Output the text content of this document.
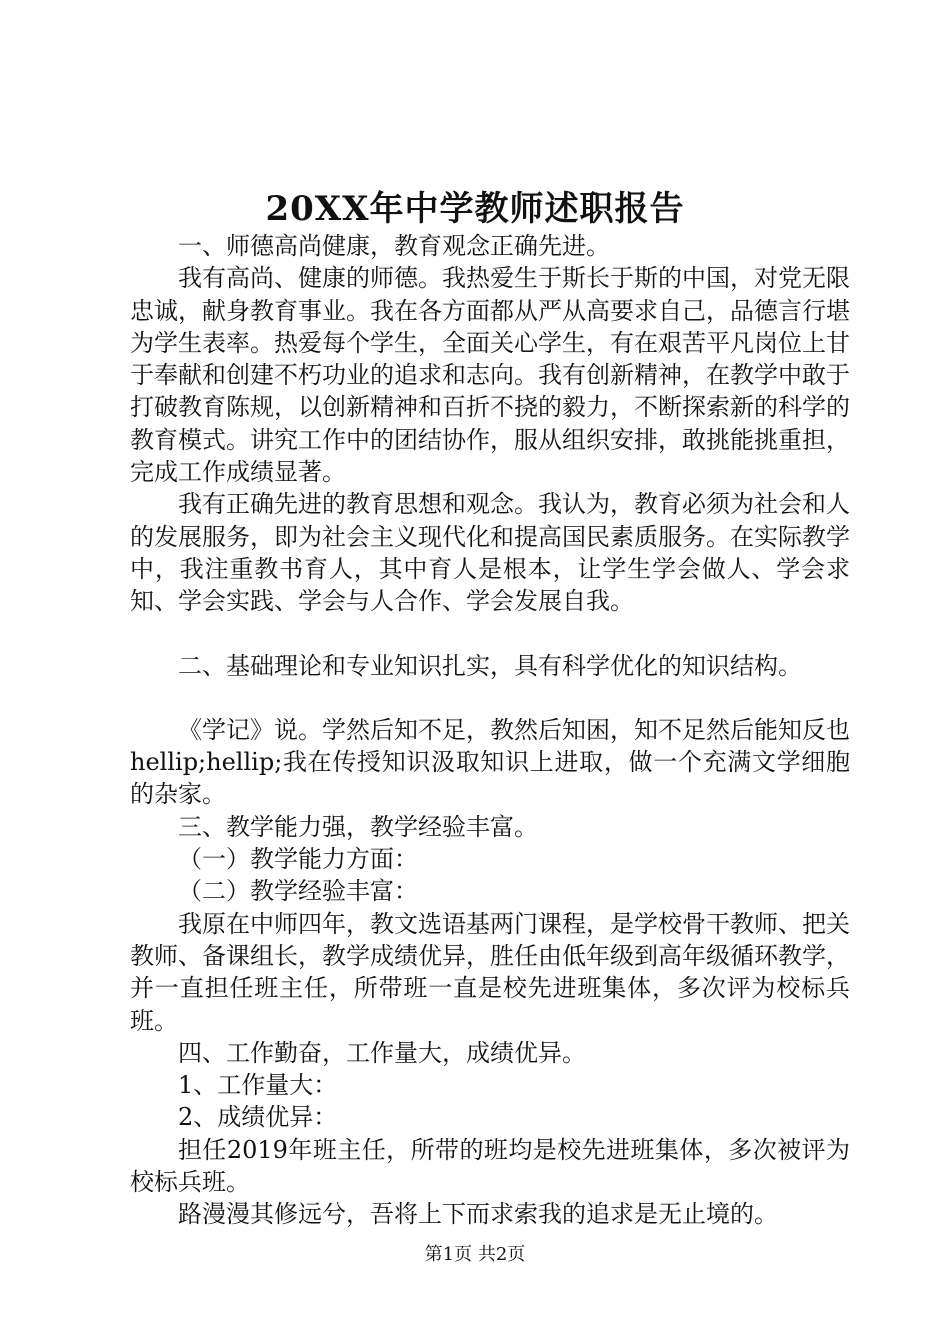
20XX年中学教师述职报告

一、师德高尚健康，教育观念正确先进。

我有高尚、健康的师德。我热爱生于斯长于斯的中国，对党无限忠诚，献身教育事业。我在各方面都从严从高要求自己，品德言行堪为学生表率。热爱每个学生，全面关心学生，有在艰苦平凡岗位上甘于奉献和创建不朽功业的追求和志向。我有创新精神，在教学中敢于打破教育陈规，以创新精神和百折不挠的毅力，不断探索新的科学的教育模式。讲究工作中的团结协作，服从组织安排，敢挑能挑重担，完成工作成绩显著。

我有正确先进的教育思想和观念。我认为，教育必须为社会和人的发展服务，即为社会主义现代化和提高国民素质服务。在实际教学中，我注重教书育人，其中育人是根本，让学生学会做人、学会求知、学会实践、学会与人合作、学会发展自我。

二、基础理论和专业知识扎实，具有科学优化的知识结构。

《学记》说。学然后知不足，教然后知困，知不足然后能知反也hellip;hellip;我在传授知识汲取知识上进取，做一个充满文学细胞的杂家。

三、教学能力强，教学经验丰富。

（一）教学能力方面：

（二）教学经验丰富：

我原在中师四年，教文选语基两门课程，是学校骨干教师、把关教师、备课组长，教学成绩优异，胜任由低年级到高年级循环教学，并一直担任班主任，所带班一直是校先进班集体，多次评为校标兵班。

四、工作勤奋，工作量大，成绩优异。

1、工作量大：

2、成绩优异：

担任2019年班主任，所带的班均是校先进班集体，多次被评为校标兵班。

路漫漫其修远兮，吾将上下而求索我的追求是无止境的。

第1页 共2页
